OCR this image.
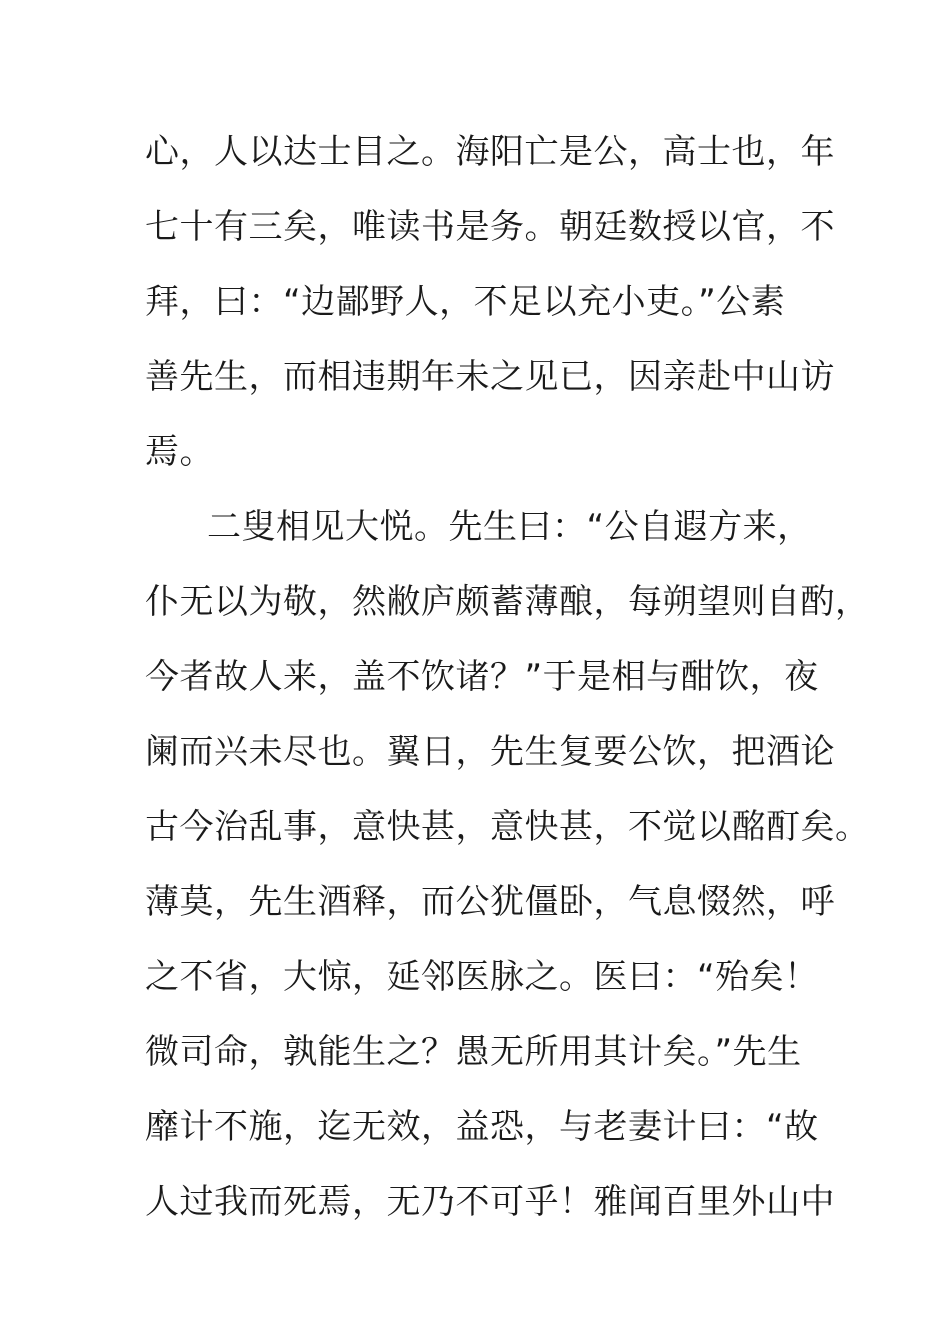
心，人以达士目之。海阳亡是公，高士也，年
七十有三矣，唯读书是务。朝廷数授以官，不
拜，曰：“边鄙野人，不足以充小吏。”公素
善先生，而相违期年未之见已，因亲赴中山访
焉。
二叟相见大悦。先生曰：“公自遐方来，
仆无以为敬，然敝庐颇蓄薄酿，每朔望则自酌，
今者故人来，盖不饮诸？”于是相与酣饮，夜
阑而兴未尽也。翼日，先生复要公饮，把酒论
古今治乱事，意快甚，意快甚，不觉以酩酊矣。
薄莫，先生酒释，而公犹僵卧，气息惙然，呼
之不省，大惊，延邻医脉之。医曰：“殆矣！
微司命，孰能生之？愚无所用其计矣。”先生
靡计不施，迄无效，益恐，与老妻计曰：“故
人过我而死焉，无乃不可乎！雅闻百里外山中
